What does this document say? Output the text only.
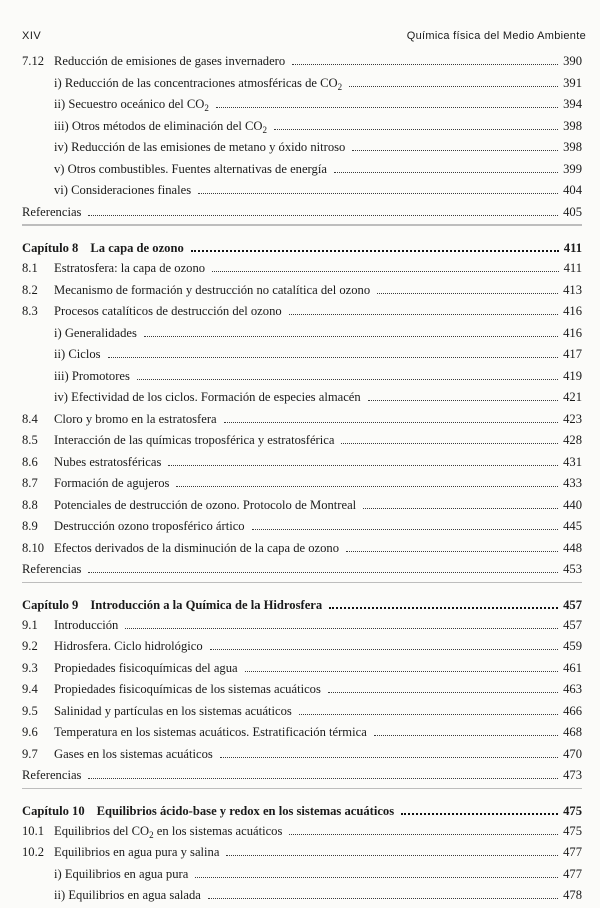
XIV	Química física del Medio Ambiente
7.12 Reducción de emisiones de gases invernadero	390
i) Reducción de las concentraciones atmosféricas de $CO_2$	391
ii) Secuestro oceánico del $CO_2$	394
iii) Otros métodos de eliminación del $CO_2$	398
iv) Reducción de las emisiones de metano y óxido nitroso	398
v) Otros combustibles. Fuentes alternativas de energía	399
vi) Consideraciones finales	404
Referencias	405
Capítulo 8 La capa de ozono	411
8.1	Estratosfera: la capa de ozono	411
8.2	Mecanismo de formación y destrucción no catalítica del ozono	413
8.3	Procesos catalíticos de destrucción del ozono	416
i) Generalidades	416
ii) Ciclos	417
iii) Promotores	419
iv) Efectividad de los ciclos. Formación de especies almacén	421
8.4	Cloro y bromo en la estratosfera	423
8.5	Interacción de las químicas troposférica y estratosférica	428
8.6	Nubes estratosféricas	431
8.7	Formación de agujeros	433
8.8	Potenciales de destrucción de ozono. Protocolo de Montreal	440
8.9	Destrucción ozono troposférico ártico	445
8.10 Efectos derivados de la disminución de la capa de ozono	448
Referencias	453
Capítulo 9 Introducción a la Química de la Hidrosfera	457
9.1	Introducción	457
9.2	Hidrosfera. Ciclo hidrológico	459
9.3	Propiedades fisicoquímicas del agua	461
9.4	Propiedades fisicoquímicas de los sistemas acuáticos	463
9.5	Salinidad y partículas en los sistemas acuáticos	466
9.6	Temperatura en los sistemas acuáticos. Estratificación térmica	468
9.7	Gases en los sistemas acuáticos	470
Referencias	473
Capítulo 10 Equilibrios ácido-base y redox en los sistemas acuáticos	475
10.1 Equilibrios del $CO_2$ en los sistemas acuáticos	475
10.2 Equilibrios en agua pura y salina	477
i) Equilibrios en agua pura	477
ii) Equilibrios en agua salada	478
